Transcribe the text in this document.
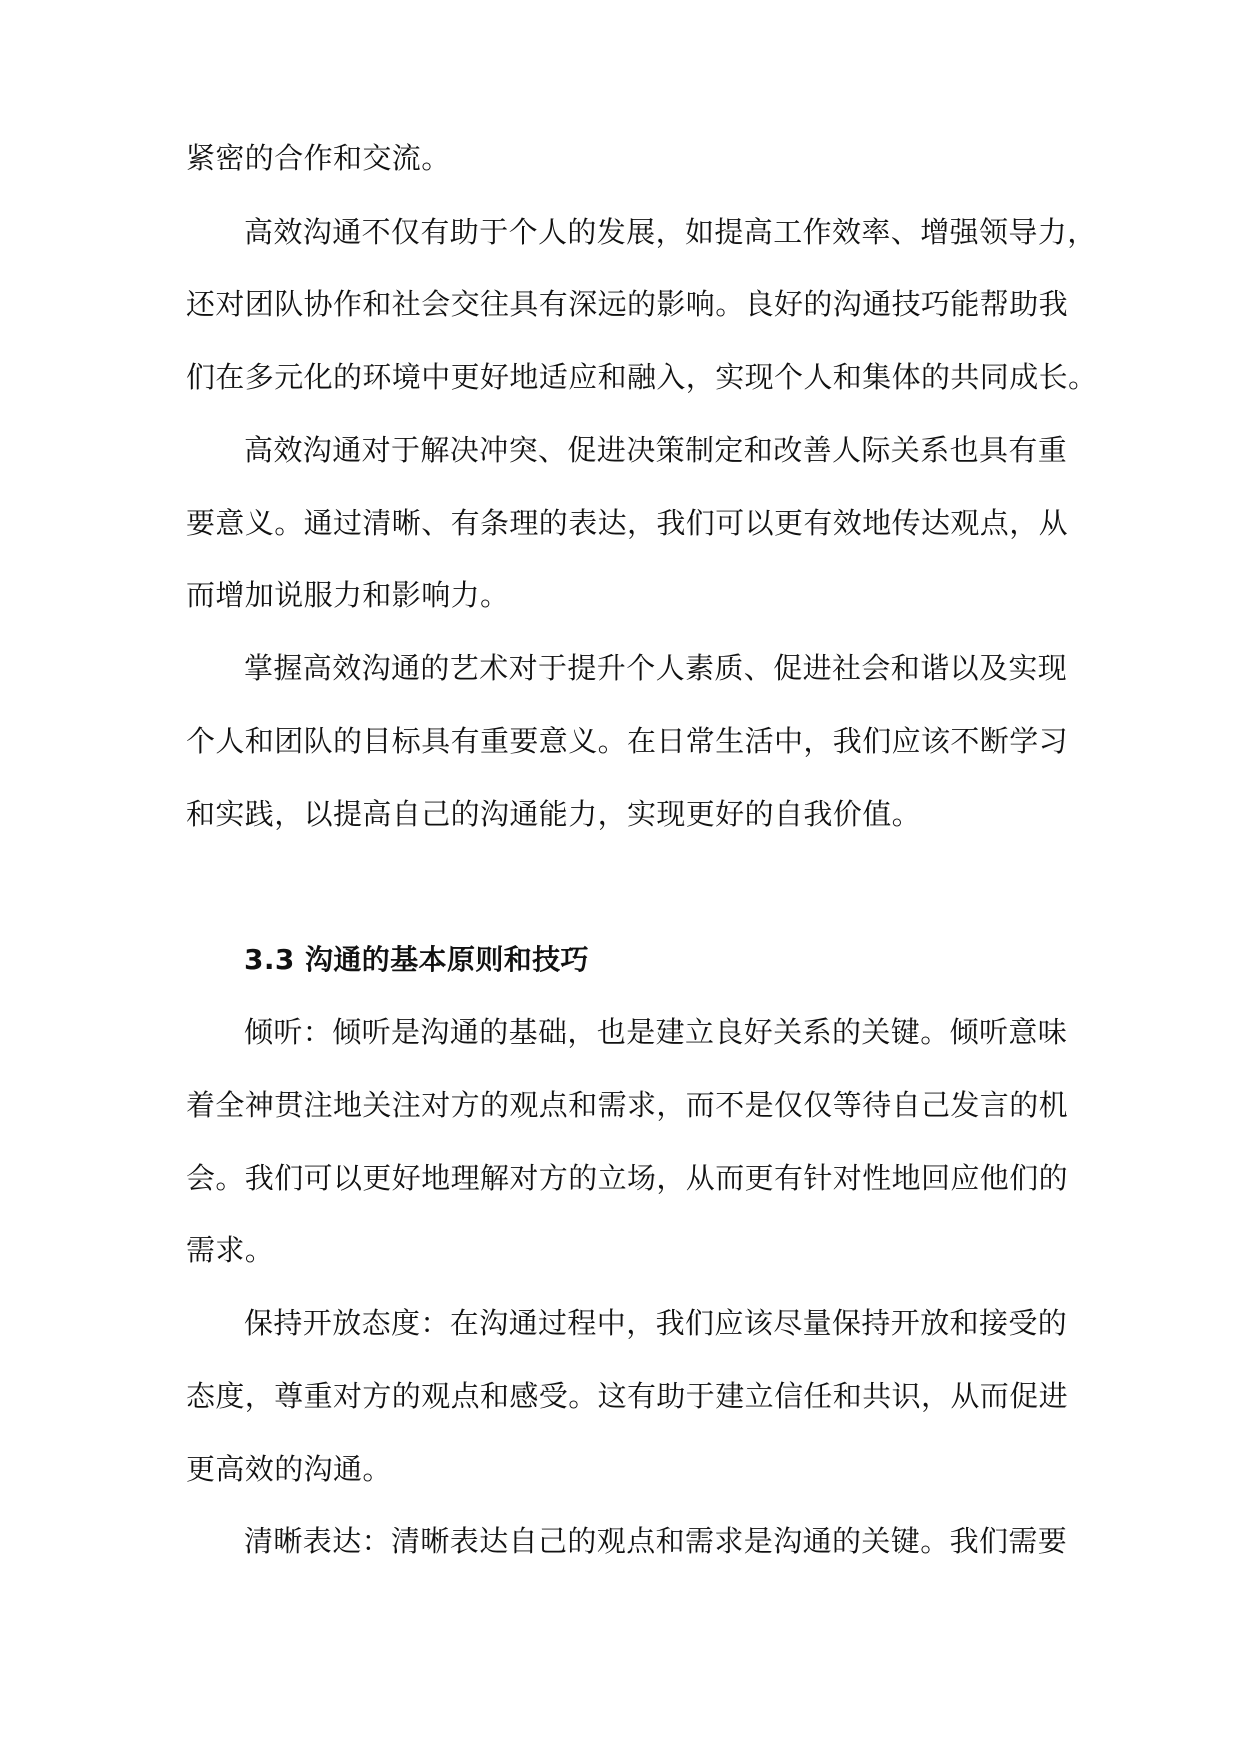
紧密的合作和交流。
高效沟通不仅有助于个人的发展，如提高工作效率、增强领导力，
还对团队协作和社会交往具有深远的影响。良好的沟通技巧能帮助我
们在多元化的环境中更好地适应和融入，实现个人和集体的共同成长。
高效沟通对于解决冲突、促进决策制定和改善人际关系也具有重
要意义。通过清晰、有条理的表达，我们可以更有效地传达观点，从
而增加说服力和影响力。
掌握高效沟通的艺术对于提升个人素质、促进社会和谐以及实现
个人和团队的目标具有重要意义。在日常生活中，我们应该不断学习
和实践，以提高自己的沟通能力，实现更好的自我价值。
3.3 沟通的基本原则和技巧
倾听：倾听是沟通的基础，也是建立良好关系的关键。倾听意味
着全神贯注地关注对方的观点和需求，而不是仅仅等待自己发言的机
会。我们可以更好地理解对方的立场，从而更有针对性地回应他们的
需求。
保持开放态度：在沟通过程中，我们应该尽量保持开放和接受的
态度，尊重对方的观点和感受。这有助于建立信任和共识，从而促进
更高效的沟通。
清晰表达：清晰表达自己的观点和需求是沟通的关键。我们需要
